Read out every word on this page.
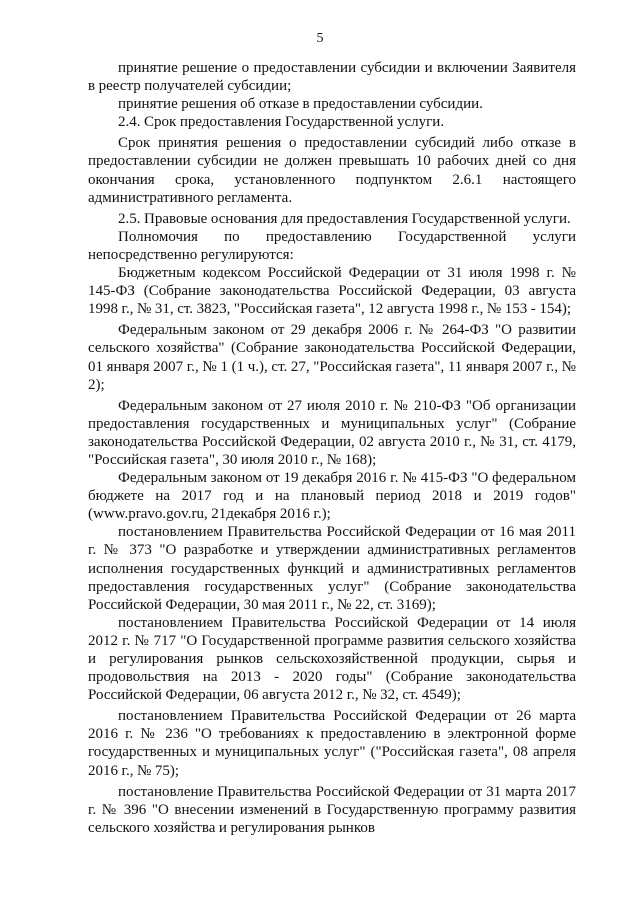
5

принятие решение о предоставлении субсидии и включении Заявителя в реестр получателей субсидии;

принятие решения об отказе в предоставлении субсидии.

2.4. Срок предоставления Государственной услуги.

Срок принятия решения о предоставлении субсидий либо отказе в предоставлении субсидии не должен превышать 10 рабочих дней со дня окончания срока, установленного подпунктом 2.6.1 настоящего административного регламента.

2.5. Правовые основания для предоставления Государственной услуги.

Полномочия по предоставлению Государственной услуги непосредственно регулируются:

Бюджетным кодексом Российской Федерации от 31 июля 1998 г. № 145-ФЗ (Собрание законодательства Российской Федерации, 03 августа 1998 г., № 31, ст. 3823, "Российская газета", 12 августа 1998 г., № 153 - 154);

Федеральным законом от 29 декабря 2006 г. № 264-ФЗ "О развитии сельского хозяйства" (Собрание законодательства Российской Федерации, 01 января 2007 г., № 1 (1 ч.), ст. 27, "Российская газета", 11 января 2007 г., № 2);

Федеральным законом от 27 июля 2010 г. № 210-ФЗ "Об организации предоставления государственных и муниципальных услуг" (Собрание законодательства Российской Федерации, 02 августа 2010 г., № 31, ст. 4179, "Российская газета", 30 июля 2010 г., № 168);

Федеральным законом от 19 декабря 2016 г. № 415-ФЗ "О федеральном бюджете на 2017 год и на плановый период 2018 и 2019 годов" (www.pravo.gov.ru, 21декабря 2016 г.);

постановлением Правительства Российской Федерации от 16 мая 2011 г. № 373 "О разработке и утверждении административных регламентов исполнения государственных функций и административных регламентов предоставления государственных услуг" (Собрание законодательства Российской Федерации, 30 мая 2011 г., № 22, ст. 3169);

постановлением Правительства Российской Федерации от 14 июля 2012 г. № 717 "О Государственной программе развития сельского хозяйства и регулирования рынков сельскохозяйственной продукции, сырья и продовольствия на 2013 - 2020 годы" (Собрание законодательства Российской Федерации, 06 августа 2012 г., № 32, ст. 4549);

постановлением Правительства Российской Федерации от 26 марта 2016 г. № 236 "О требованиях к предоставлению в электронной форме государственных и муниципальных услуг" ("Российская газета", 08 апреля 2016 г., № 75);

постановление Правительства Российской Федерации от 31 марта 2017 г. № 396 "О внесении изменений в Государственную программу развития сельского хозяйства и регулирования рынков
